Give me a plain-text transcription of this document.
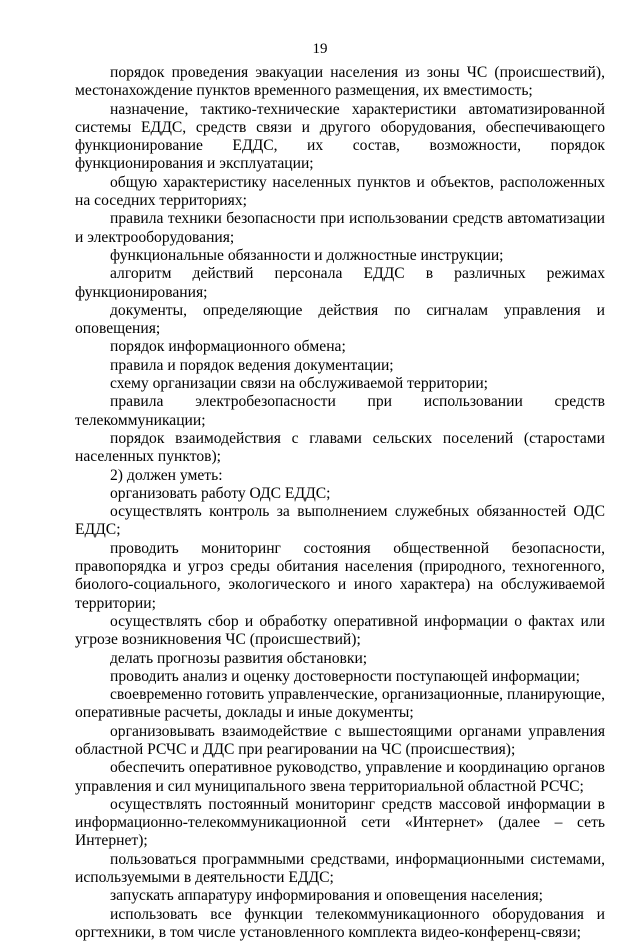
19

порядок проведения эвакуации населения из зоны ЧС (происшествий), местонахождение пунктов временного размещения, их вместимость;

назначение, тактико-технические характеристики автоматизированной системы ЕДДС, средств связи и другого оборудования, обеспечивающего функционирование ЕДДС, их состав, возможности, порядок функционирования и эксплуатации;

общую характеристику населенных пунктов и объектов, расположенных на соседних территориях;

правила техники безопасности при использовании средств автоматизации и электрооборудования;

функциональные обязанности и должностные инструкции;

алгоритм действий персонала ЕДДС в различных режимах функционирования;

документы, определяющие действия по сигналам управления и оповещения;

порядок информационного обмена;

правила и порядок ведения документации;

схему организации связи на обслуживаемой территории;

правила электробезопасности при использовании средств телекоммуникации;

порядок взаимодействия с главами сельских поселений (старостами населенных пунктов);

2) должен уметь:

организовать работу ОДС ЕДДС;

осуществлять контроль за выполнением служебных обязанностей ОДС ЕДДС;

проводить мониторинг состояния общественной безопасности, правопорядка и угроз среды обитания населения (природного, техногенного, биолого-социального, экологического и иного характера) на обслуживаемой территории;

осуществлять сбор и обработку оперативной информации о фактах или угрозе возникновения ЧС (происшествий);

делать прогнозы развития обстановки;

проводить анализ и оценку достоверности поступающей информации;

своевременно готовить управленческие, организационные, планирующие, оперативные расчеты, доклады и иные документы;

организовывать взаимодействие с вышестоящими органами управления областной РСЧС и ДДС при реагировании на ЧС (происшествия);

обеспечить оперативное руководство, управление и координацию органов управления и сил муниципального звена территориальной областной РСЧС;

осуществлять постоянный мониторинг средств массовой информации в информационно-телекоммуникационной сети «Интернет» (далее – сеть Интернет);

пользоваться программными средствами, информационными системами, используемыми в деятельности ЕДДС;

запускать аппаратуру информирования и оповещения населения;

использовать все функции телекоммуникационного оборудования и оргтехники, в том числе установленного комплекта видео-конференц-связи;
